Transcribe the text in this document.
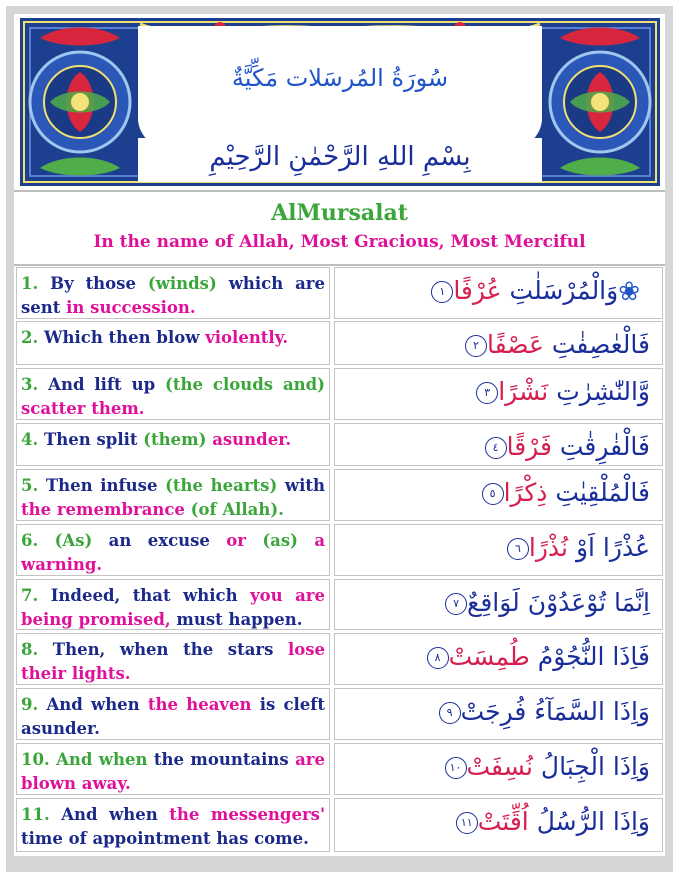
سُورَةُ المُرسَلات مَكِّيَّةٌ
بِسْمِ اللهِ الرَّحْمٰنِ الرَّحِيْمِ
AlMursalat
In the name of Allah, Most Gracious, Most Merciful
1. By those (winds) which are sent in succession.
❀وَالْمُرْسَلٰتِ عُرْفًا١
2. Which then blow violently.	فَالْعٰصِفٰتِ عَصْفًا٢
3. And lift up (the clouds and) scatter them.
وَّالنّٰشِرٰتِ نَشْرًا٣
4. Then split (them) asunder.	فَالْفٰرِقٰتِ فَرْقًا٤
5. Then infuse (the hearts) with the remembrance (of Allah).
فَالْمُلْقِيٰتِ ذِكْرًا٥
6. (As) an excuse or (as) a warning.
عُذْرًا اَوْ نُذْرًا٦
7. Indeed, that which you are being promised, must happen.
اِنَّمَا تُوْعَدُوْنَ لَوَاقِعٌ٧
8. Then, when the stars lose their lights.
فَاِذَا النُّجُوْمُ طُمِسَتْ٨
9. And when the heaven is cleft asunder.
وَاِذَا السَّمَآءُ فُرِجَتْ٩
10. And when the mountains are blown away.
وَاِذَا الْجِبَالُ نُسِفَتْ١٠
11. And when the messengers' time of appointment has come.
وَاِذَا الرُّسُلُ اُقِّتَتْ١١
